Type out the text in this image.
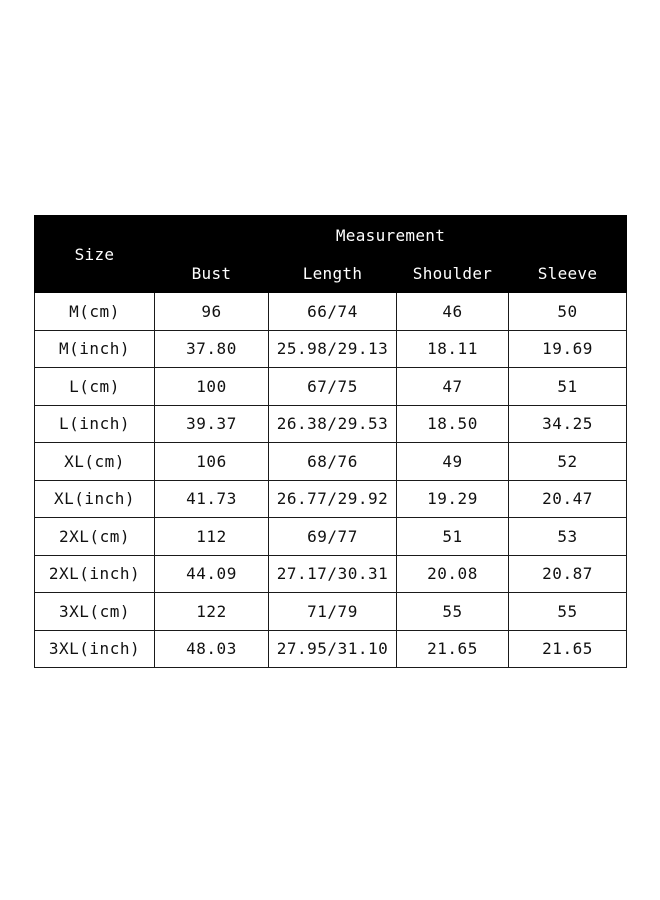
Size	Measurement			
	Bust	Length	Shoulder	Sleeve
M(cm)	96	66/74	46	50
M(inch)	37.80	25.98/29.13	18.11	19.69
L(cm)	100	67/75	47	51
L(inch)	39.37	26.38/29.53	18.50	34.25
XL(cm)	106	68/76	49	52
XL(inch)	41.73	26.77/29.92	19.29	20.47
2XL(cm)	112	69/77	51	53
2XL(inch)	44.09	27.17/30.31	20.08	20.87
3XL(cm)	122	71/79	55	55
3XL(inch)	48.03	27.95/31.10	21.65	21.65
